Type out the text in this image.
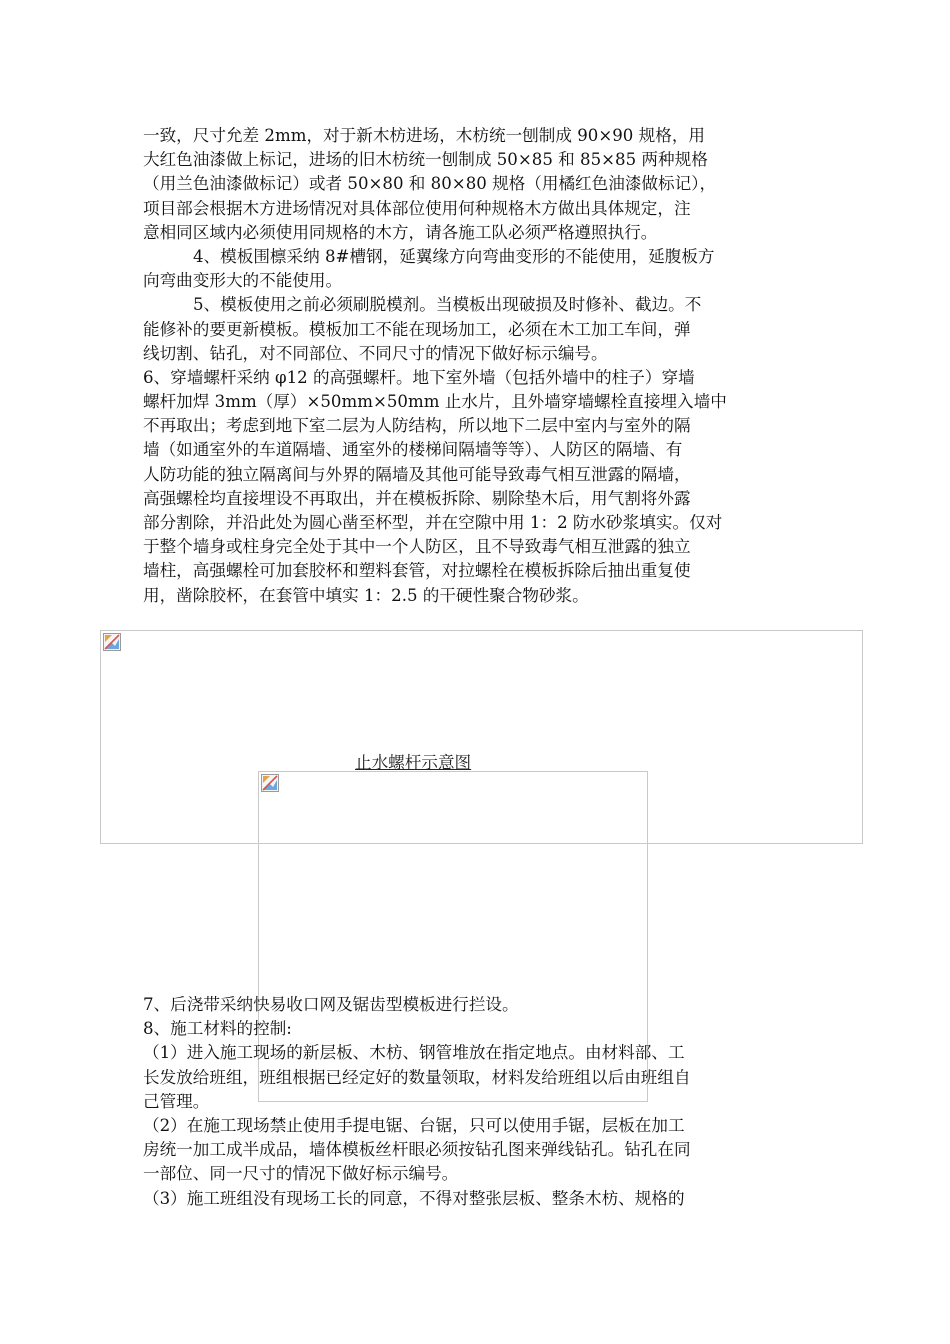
一致，尺寸允差 2mm，对于新木枋进场，木枋统一刨制成 90×90 规格，用
大红色油漆做上标记，进场的旧木枋统一刨制成 50×85 和 85×85 两种规格
（用兰色油漆做标记）或者 50×80 和 80×80 规格（用橘红色油漆做标记），
项目部会根据木方进场情况对具体部位使用何种规格木方做出具体规定，注
意相同区域内必须使用同规格的木方，请各施工队必须严格遵照执行。
4、模板围檩采纳 8#槽钢，延翼缘方向弯曲变形的不能使用，延腹板方
向弯曲变形大的不能使用。
5、模板使用之前必须刷脱模剂。当模板出现破损及时修补、截边。不
能修补的要更新模板。模板加工不能在现场加工，必须在木工加工车间，弹
线切割、钻孔，对不同部位、不同尺寸的情况下做好标示编号。
6、穿墙螺杆采纳 φ12 的高强螺杆。地下室外墙（包括外墙中的柱子）穿墙
螺杆加焊 3mm（厚）×50mm×50mm 止水片，且外墙穿墙螺栓直接埋入墙中
不再取出；考虑到地下室二层为人防结构，所以地下二层中室内与室外的隔
墙（如通室外的车道隔墙、通室外的楼梯间隔墙等等）、人防区的隔墙、有
人防功能的独立隔离间与外界的隔墙及其他可能导致毒气相互泄露的隔墙，
高强螺栓均直接埋设不再取出，并在模板拆除、剔除垫木后，用气割将外露
部分割除，并沿此处为圆心凿至杯型，并在空隙中用 1：2 防水砂浆填实。仅对
于整个墙身或柱身完全处于其中一个人防区，且不导致毒气相互泄露的独立
墙柱，高强螺栓可加套胶杯和塑料套管，对拉螺栓在模板拆除后抽出重复使
用，凿除胶杯，在套管中填实 1：2.5 的干硬性聚合物砂浆。
止水螺杆示意图
7、后浇带采纳快易收口网及锯齿型模板进行拦设。
8、施工材料的控制:
（1）进入施工现场的新层板、木枋、钢管堆放在指定地点。由材料部、工
长发放给班组，班组根据已经定好的数量领取，材料发给班组以后由班组自
己管理。
（2）在施工现场禁止使用手提电锯、台锯，只可以使用手锯，层板在加工
房统一加工成半成品，墙体模板丝杆眼必须按钻孔图来弹线钻孔。钻孔在同
一部位、同一尺寸的情况下做好标示编号。
（3）施工班组没有现场工长的同意，不得对整张层板、整条木枋、规格的
